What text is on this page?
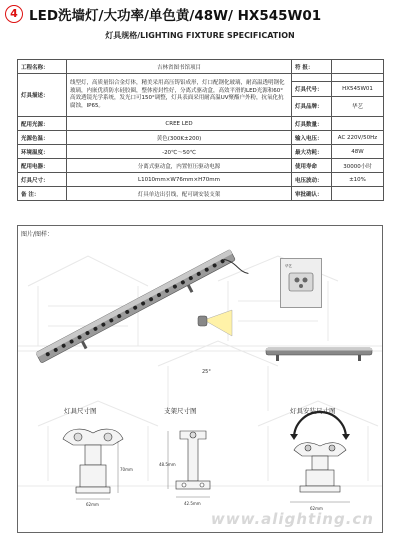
4 LED洗墙灯/大功率/单色黄/48W/ HX545W01
灯具规格/LIGHTING FIXTURE SPECIFICATION
工程名称：	吉林省图书馆项目	符 报：	
灯具描述：	线型灯，高质量铝合金灯体，精美采用高压铸铝成形，灯口配钢化玻璃，耐高温透明钢化玻璃，内嵌优质防水硅胶圈，整体密封性好，分离式驱动盒，高效平滑的LED光源和60°高效透镜光学系统，发光口可150°调整，灯具表面采用耐高温UV聚酯户外粉，抗氧化抗腐蚀，IP65。		
		灯具代号：	HX545W01
		灯具品牌：	华艺
配用光源：	CREE LED	灯具数量：	
光源色温：	黄色(300K±200)	输入电压：	AC 220V/50Hz
环境温度：	-20℃～50℃	最大功耗：	48W
配用电器：	分离式驱动盒，内置恒压驱动电源	使用寿命	30000小时
灯具尺寸：	L1010mm×W76mm×H70mm	电压波动：	±10%
备 注：	灯具单边出引线，配可调安装支架	审批确认：	
图片/图样：
25°
华艺
62mm
70mm
48.5mm
42.5mm
62mm
灯具尺寸图	支架尺寸图	灯具安装尺寸图
www.alighting.cn
